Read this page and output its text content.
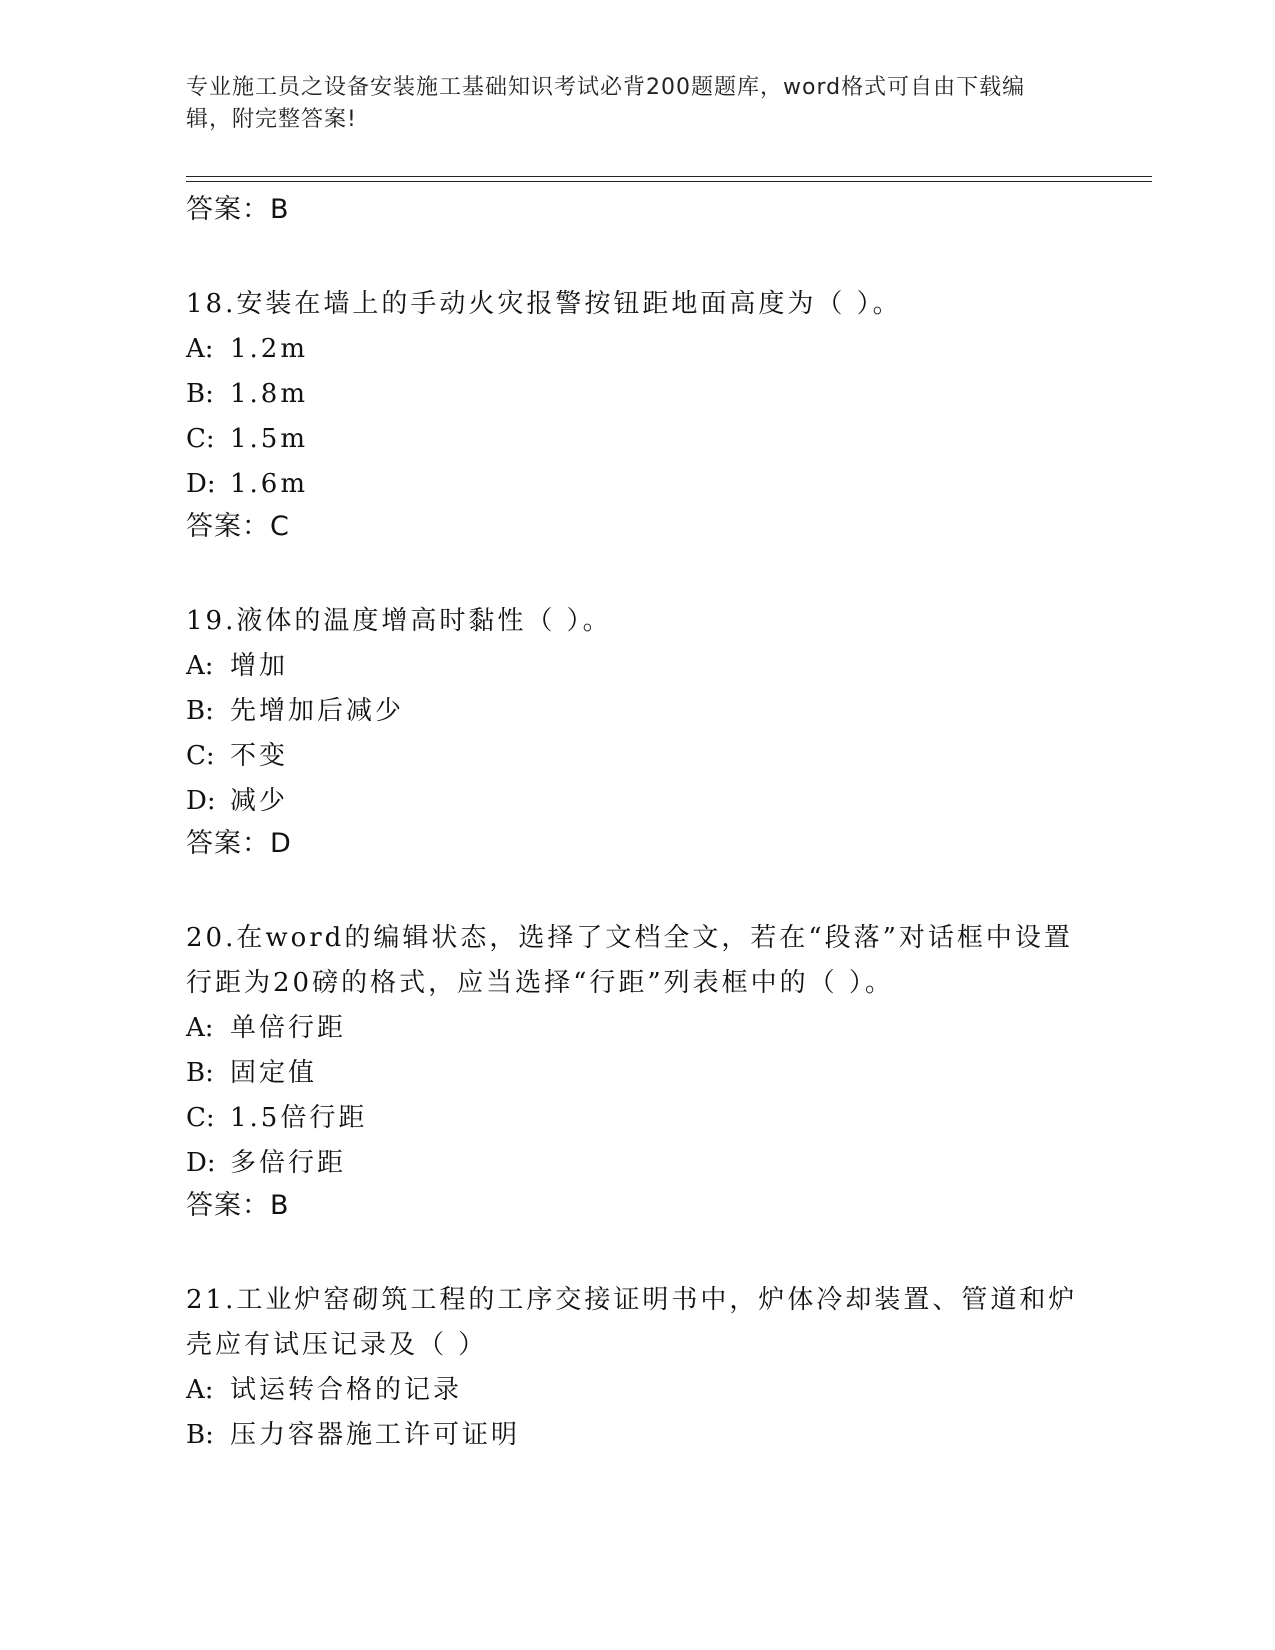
专业施工员之设备安装施工基础知识考试必背200题题库，word格式可自由下载编辑，附完整答案!

答案：B

18.安装在墙上的手动火灾报警按钮距地面高度为（ ）。

A: 1.2m

B: 1.8m

C: 1.5m

D: 1.6m

答案：C

19.液体的温度增高时黏性（ ）。

A: 增加

B: 先增加后减少

C: 不变

D: 减少

答案：D

20.在word的编辑状态，选择了文档全文，若在“段落”对话框中设置行距为20磅的格式，应当选择“行距”列表框中的（ ）。

A: 单倍行距

B: 固定值

C: 1.5倍行距

D: 多倍行距

答案：B

21.工业炉窑砌筑工程的工序交接证明书中，炉体冷却装置、管道和炉壳应有试压记录及（ ）

A: 试运转合格的记录

B: 压力容器施工许可证明
